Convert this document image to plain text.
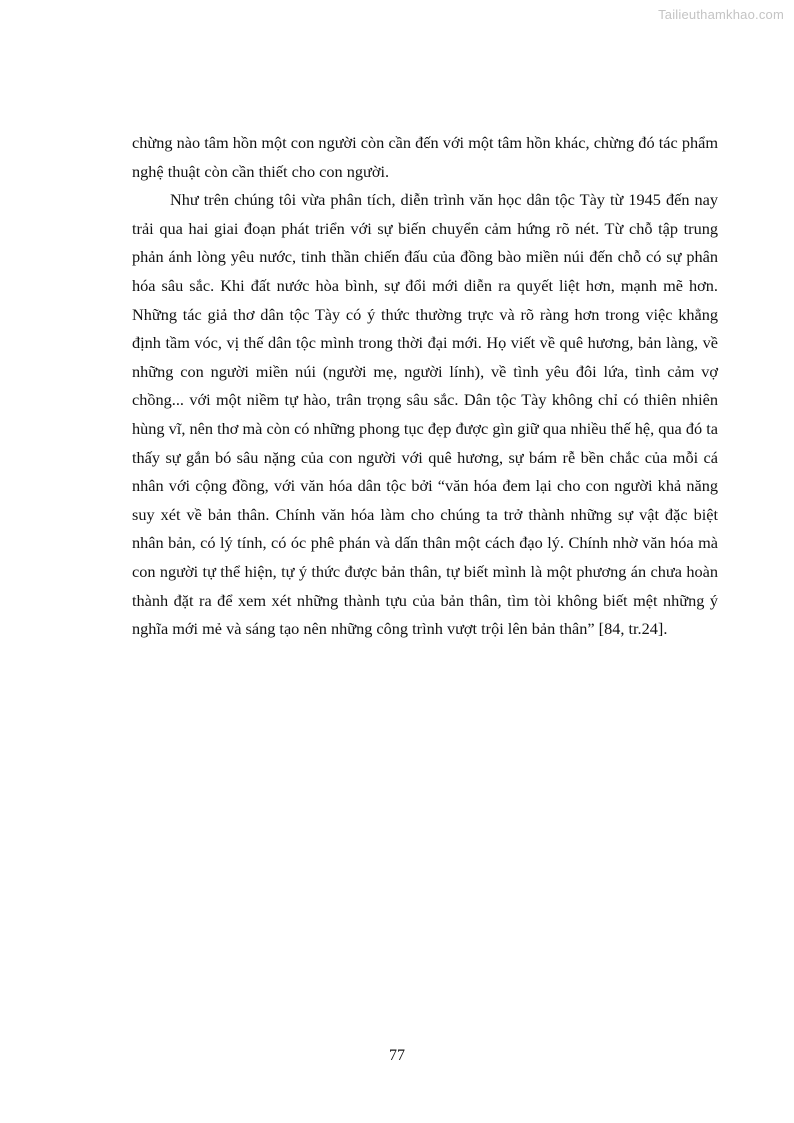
Tailieuthamkhao.com

chừng nào tâm hồn một con người còn cần đến với một tâm hồn khác, chừng đó tác phẩm nghệ thuật còn cần thiết cho con người.

Như trên chúng tôi vừa phân tích, diễn trình văn học dân tộc Tày từ 1945 đến nay trải qua hai giai đoạn phát triển với sự biến chuyển cảm hứng rõ nét. Từ chỗ tập trung phản ánh lòng yêu nước, tinh thần chiến đấu của đồng bào miền núi đến chỗ có sự phân hóa sâu sắc. Khi đất nước hòa bình, sự đổi mới diễn ra quyết liệt hơn, mạnh mẽ hơn. Những tác giả thơ dân tộc Tày có ý thức thường trực và rõ ràng hơn trong việc khẳng định tầm vóc, vị thế dân tộc mình trong thời đại mới. Họ viết về quê hương, bản làng, về những con người miền núi (người mẹ, người lính), về tình yêu đôi lứa, tình cảm vợ chồng... với một niềm tự hào, trân trọng sâu sắc. Dân tộc Tày không chỉ có thiên nhiên hùng vĩ, nên thơ mà còn có những phong tục đẹp được gìn giữ qua nhiều thế hệ, qua đó ta thấy sự gắn bó sâu nặng của con người với quê hương, sự bám rễ bền chắc của mỗi cá nhân với cộng đồng, với văn hóa dân tộc bởi “văn hóa đem lại cho con người khả năng suy xét về bản thân. Chính văn hóa làm cho chúng ta trở thành những sự vật đặc biệt nhân bản, có lý tính, có óc phê phán và dấn thân một cách đạo lý. Chính nhờ văn hóa mà con người tự thể hiện, tự ý thức được bản thân, tự biết mình là một phương án chưa hoàn thành đặt ra để xem xét những thành tựu của bản thân, tìm tòi không biết mệt những ý nghĩa mới mẻ và sáng tạo nên những công trình vượt trội lên bản thân” [84, tr.24].

77
